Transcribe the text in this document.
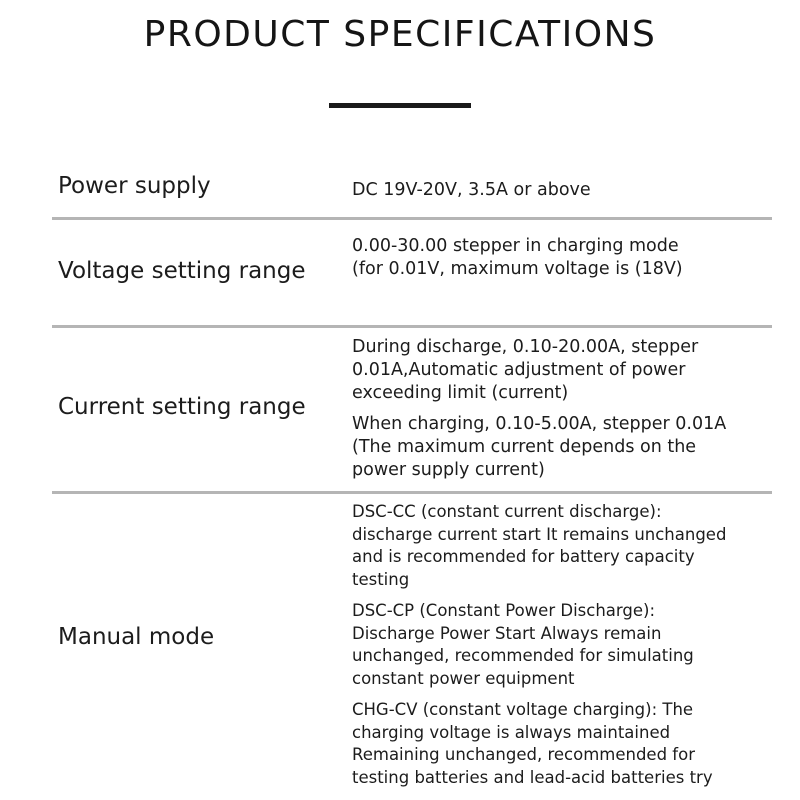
PRODUCT SPECIFICATIONS
Power supply	DC 19V-20V, 3.5A or above

Voltage setting range

0.00-30.00 stepper in charging mode (for 0.01V, maximum voltage is (18V)

Current setting range

During discharge, 0.10-20.00A, stepper 0.01A,Automatic adjustment of power exceeding limit (current)

When charging, 0.10-5.00A, stepper 0.01A (The maximum current depends on the power supply current)

Manual mode

DSC-CC (constant current discharge): discharge current start It remains unchanged and is recommended for battery capacity testing

DSC-CP (Constant Power Discharge): Discharge Power Start Always remain unchanged, recommended for simulating constant power equipment

CHG-CV (constant voltage charging): The charging voltage is always maintained Remaining unchanged, recommended for testing batteries and lead-acid batteries try
